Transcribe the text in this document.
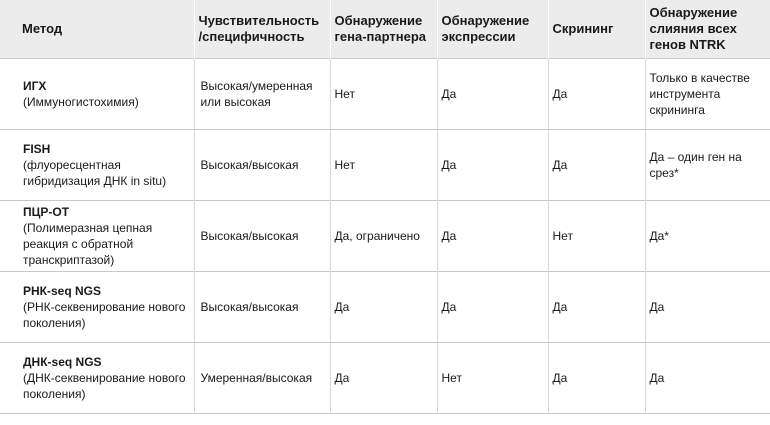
Метод	Чувствительность /специфичность	Обнаружение гена-партнера	Обнаружение экспрессии	Скрининг	Обнаружение слияния всех генов NTRK

ИГХ
(Иммуногистохимия)	Высокая/умеренная или высокая	Нет	Да	Да	Только в качестве инструмента скрининга

FISH
(флуоресцентная гибридизация ДНК in situ)	Высокая/высокая	Нет	Да	Да	Да – один ген на срез*

ПЦР-ОТ
(Полимеразная цепная реакция с обратной транскриптазой)	Высокая/высокая	Да, ограничено	Да	Нет	Да*

РНК-seq NGS
(РНК-секвенирование нового поколения)	Высокая/высокая	Да	Да	Да	Да

ДНК-seq NGS
(ДНК-секвенирование нового поколения)	Умеренная/высокая	Да	Нет	Да	Да
